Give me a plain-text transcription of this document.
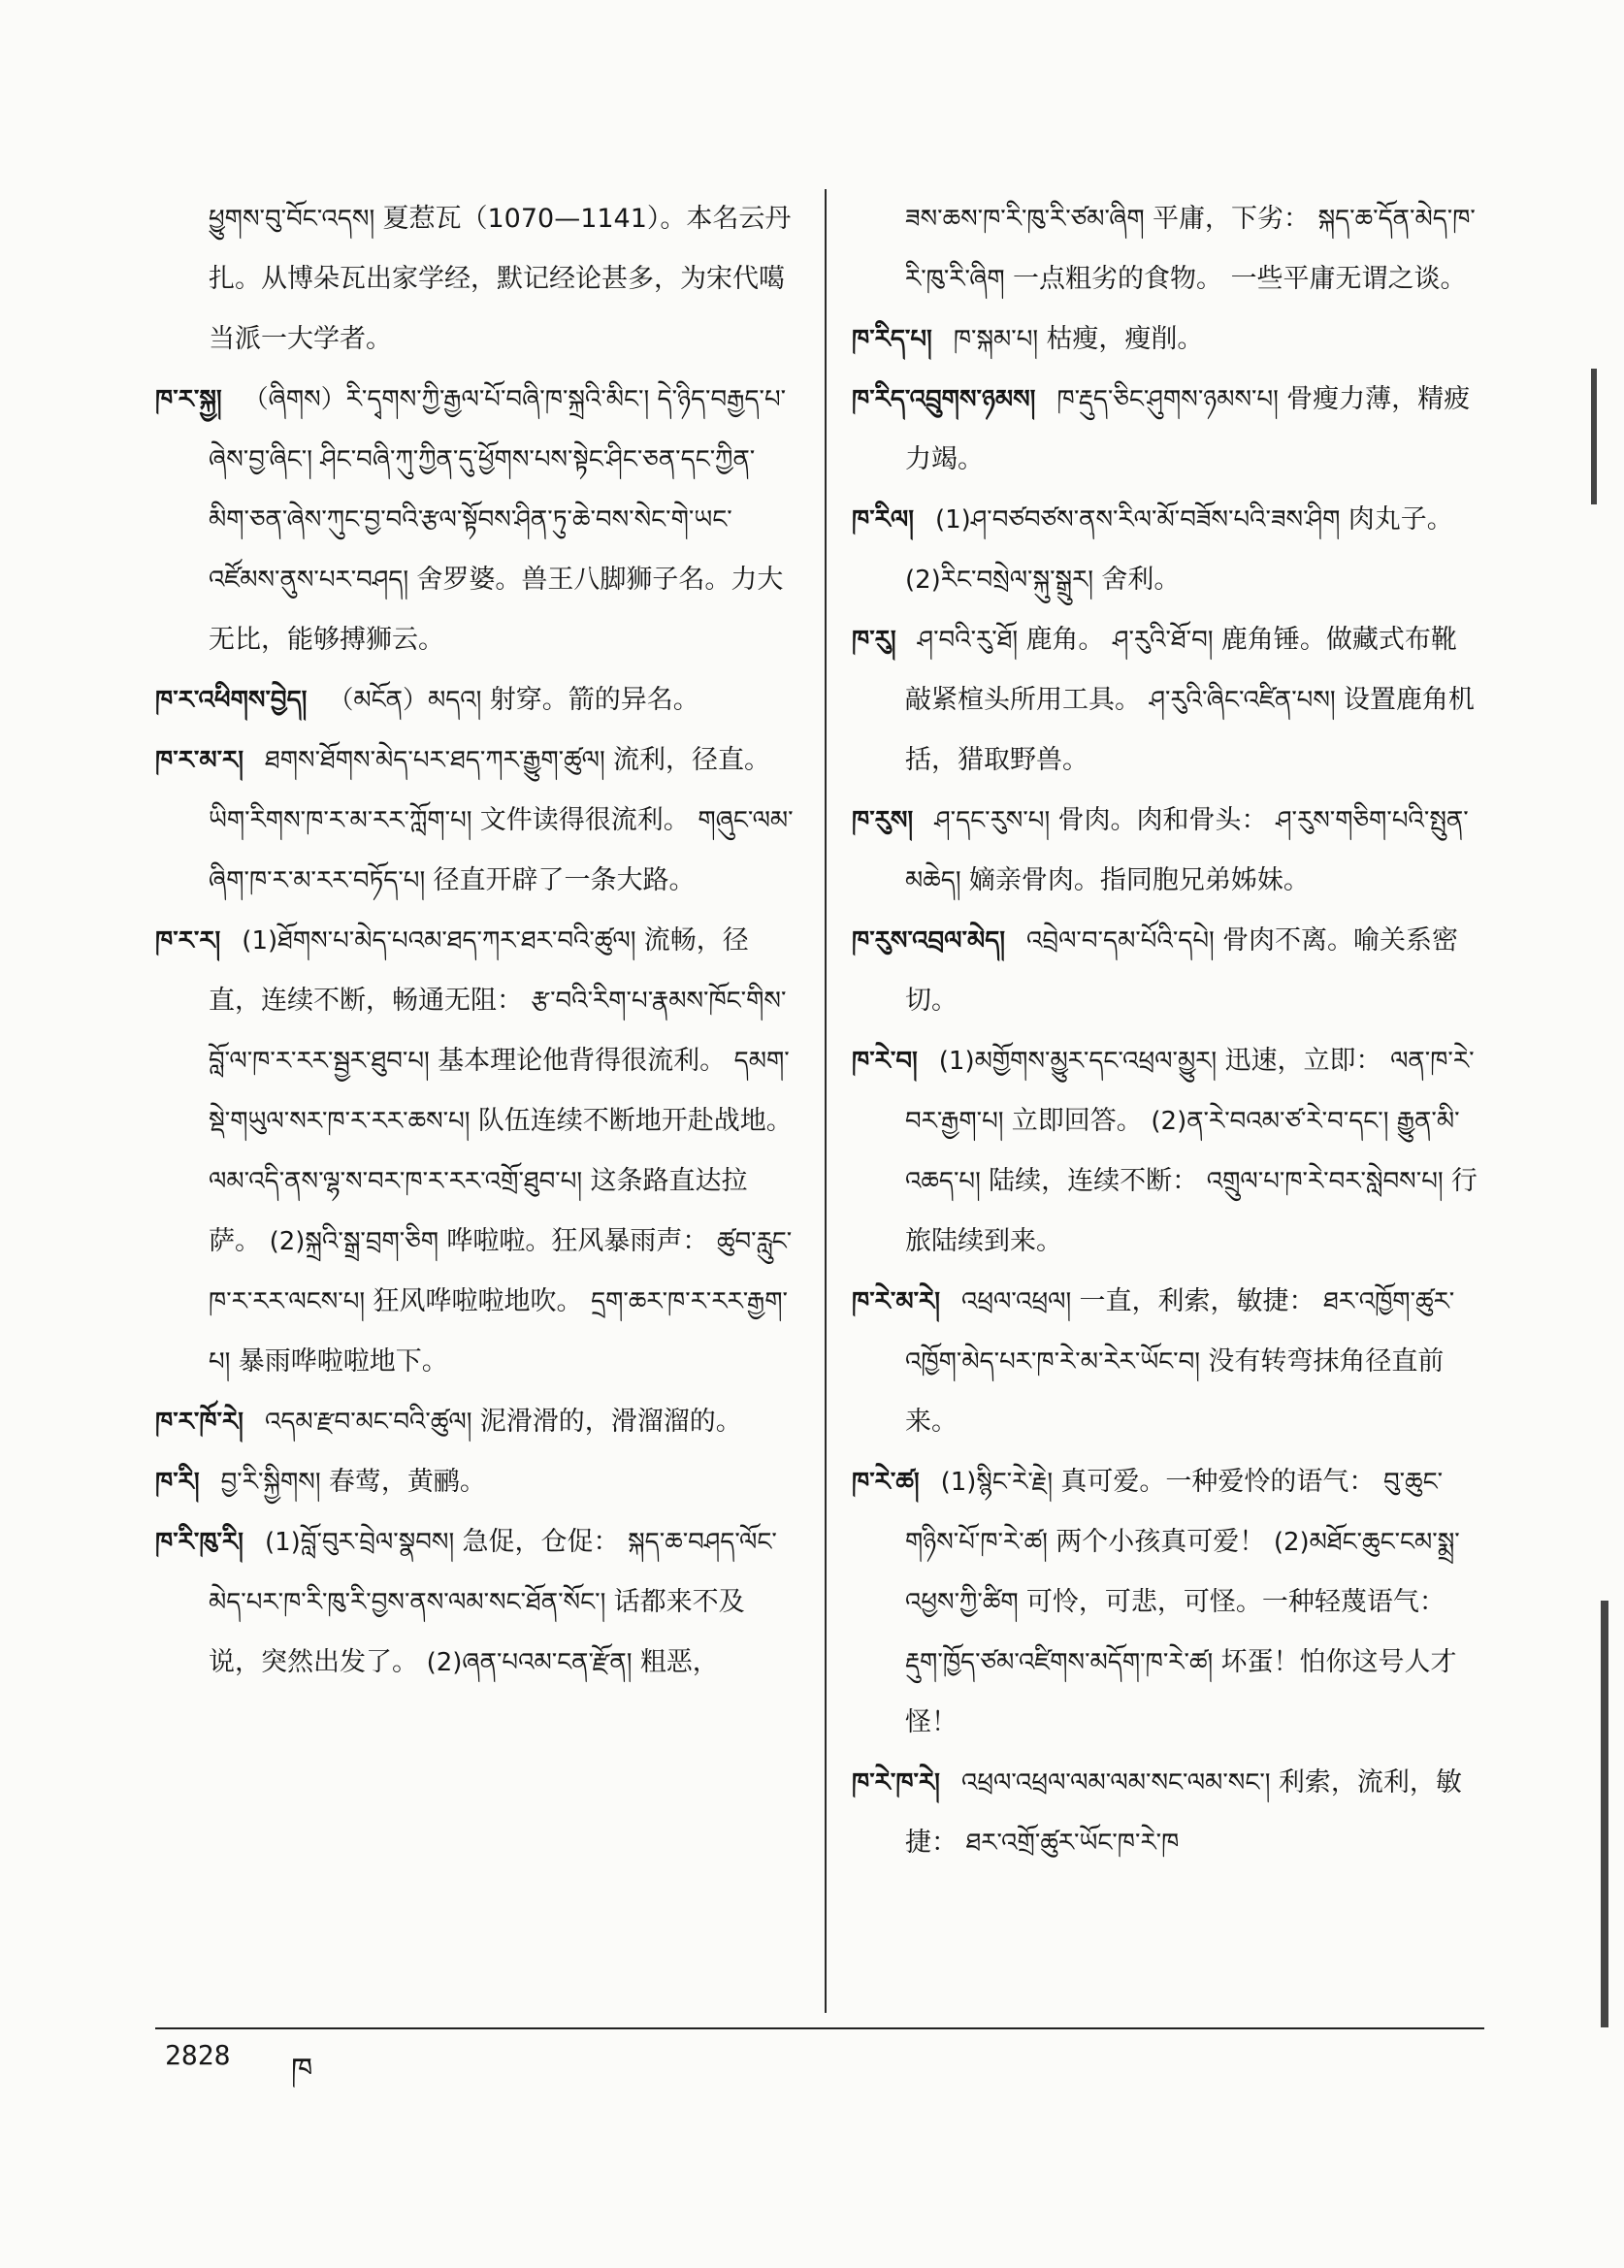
ཕྱུགས་བུ་བོང་འདས། 夏惹瓦（1070—1141）。本名云丹扎。从博朵瓦出家学经，默记经论甚多，为宋代噶当派一大学者。

ཁ་ར་སྐྱ། （ཞིགས）རི་དྭགས་ཀྱི་རྒྱལ་པོ་བཞི་ཁ་སྐྲའི་མིང་། དེ་ཉིད་བརྒྱད་པ་ཞེས་བྱ་ཞིང་། ཤིང་བཞི་ཀུ་ཀྱིན་དུ་ཕྱོགས་པས་སྟེང་ཤིང་ཅན་དང་ཀྱིན་མིག་ཅན་ཞེས་ཀུང་བྱ་བའི་རྩལ་སྟོབས་ཤིན་ཏུ་ཆེ་བས་སེང་གེ་ཡང་འཛོམས་ནུས་པར་བཤད། 舍罗婆。兽王八脚狮子名。力大无比，能够搏狮云。

ཁ་ར་འཕིགས་བྱེད། （མངོན）མདའ། 射穿。箭的异名。

ཁ་ར་མ་ར། ཐགས་ཐོགས་མེད་པར་ཐད་ཀར་རྒྱུག་ཚུལ། 流利，径直。 ཡིག་རིགས་ཁ་ར་མ་རར་ཀློག་པ། 文件读得很流利。 གཞུང་ལམ་ཞིག་ཁ་ར་མ་རར་བཏོད་པ། 径直开辟了一条大路。

ཁ་ར་ར། (1)ཐོགས་པ་མེད་པའམ་ཐད་ཀར་ཐར་བའི་ཚུལ། 流畅，径直，连续不断，畅通无阻： རྩ་བའི་རིག་པ་རྣམས་ཁོང་གིས་བློ་ལ་ཁ་ར་རར་སྦྱར་ཐུབ་པ། 基本理论他背得很流利。 དམག་སྡེ་གཡུལ་སར་ཁ་ར་རར་ཆས་པ། 队伍连续不断地开赴战地。 ལམ་འདི་ནས་ལྷ་ས་བར་ཁ་ར་རར་འགྲོ་ཐུབ་པ། 这条路直达拉萨。 (2)སྐྲའི་སྒྲ་བྲག་ཅིག 哗啦啦。狂风暴雨声： ཚུབ་རླུང་ཁ་ར་རར་ལངས་པ། 狂风哗啦啦地吹。 དྲག་ཆར་ཁ་ར་རར་རྒྱག་པ། 暴雨哗啦啦地下。

ཁ་ར་ཁོ་རེ། འདམ་རྫབ་མང་བའི་ཚུལ། 泥滑滑的，滑溜溜的。

ཁ་རི། བྱ་རི་སྐྱིགས། 春莺，黄鹂。

ཁ་རི་ཁུ་རི། (1)བློ་བུར་བྲེལ་སྣབས། 急促，仓促： སྐད་ཆ་བཤད་ལོང་མེད་པར་ཁ་རི་ཁུ་རི་བྱས་ནས་ལམ་སང་ཐོན་སོང་། 话都来不及说，突然出发了。 (2)ཞན་པའམ་ངན་རྫོན། 粗恶，

ཟས་ཆས་ཁ་རི་ཁུ་རི་ཙམ་ཞིག 平庸，下劣： སྐད་ཆ་དོན་མེད་ཁ་རི་ཁུ་རི་ཞིག 一点粗劣的食物。 一些平庸无谓之谈。

ཁ་རིད་པ། ཁ་སྐམ་པ། 枯瘦，瘦削。

ཁ་རིད་འབྲུགས་ཉམས། ཁ་རྡུད་ཅིང་ཤུགས་ཉམས་པ། 骨瘦力薄，精疲力竭。

ཁ་རིལ། (1)ཤ་བཙབཙས་ནས་རིལ་མོ་བཟོས་པའི་ཟས་ཤིག 肉丸子。 (2)རིང་བསྲེལ་སྐུ་སྒྲུར། 舍利。

ཁ་རུ། ཤ་བའི་རུ་ཐོ། 鹿角。 ཤ་རུའི་ཐོ་བ། 鹿角锤。做藏式布靴敲紧楦头所用工具。 ཤ་རུའི་ཞིང་འཛིན་པས། 设置鹿角机括，猎取野兽。

ཁ་རུས། ཤ་དང་རུས་པ། 骨肉。肉和骨头： ཤ་རུས་གཅིག་པའི་སྤུན་མཆེད། 嫡亲骨肉。指同胞兄弟姊妹。

ཁ་རུས་འབྲལ་མེད། འབྲེལ་བ་དམ་པོའི་དཔེ། 骨肉不离。喻关系密切。

ཁ་རེ་བ། (1)མགྱོགས་མྱུར་དང་འཕྲལ་མྱུར། 迅速，立即： ལན་ཁ་རེ་བར་རྒྱག་པ། 立即回答。 (2)ན་རེ་བའམ་ཙ་རེ་བ་དང་། རྒྱུན་མི་འཆད་པ། 陆续，连续不断： འགྲུལ་པ་ཁ་རེ་བར་སླེབས་པ། 行旅陆续到来。

ཁ་རེ་མ་རེ། འཕྲལ་འཕྲལ། 一直，利索，敏捷： ཐར་འཁྱོག་ཚུར་འཁྱོག་མེད་པར་ཁ་རེ་མ་རེར་ཡོང་བ། 没有转弯抹角径直前来。

ཁ་རེ་ཚ། (1)སྙིང་རེ་རྗེ། 真可爱。一种爱怜的语气： བུ་ཆུང་གཉིས་པོ་ཁ་རེ་ཚ། 两个小孩真可爱！ (2)མཐོང་ཆུང་ངམ་སྨྲ་འཕྱས་ཀྱི་ཚིག 可怜，可悲，可怪。一种轻蔑语气： རྡུག་ཁྱོད་ཙམ་འཛིགས་མདོག་ཁ་རེ་ཚ། 坏蛋！怕你这号人才怪！

ཁ་རེ་ཁ་རེ། འཕྲལ་འཕྲལ་ལམ་ལམ་སང་ལམ་སང་། 利索，流利，敏捷： ཐར་འགྲོ་ཚུར་ཡོང་ཁ་རེ་ཁ

2828 ཁ
